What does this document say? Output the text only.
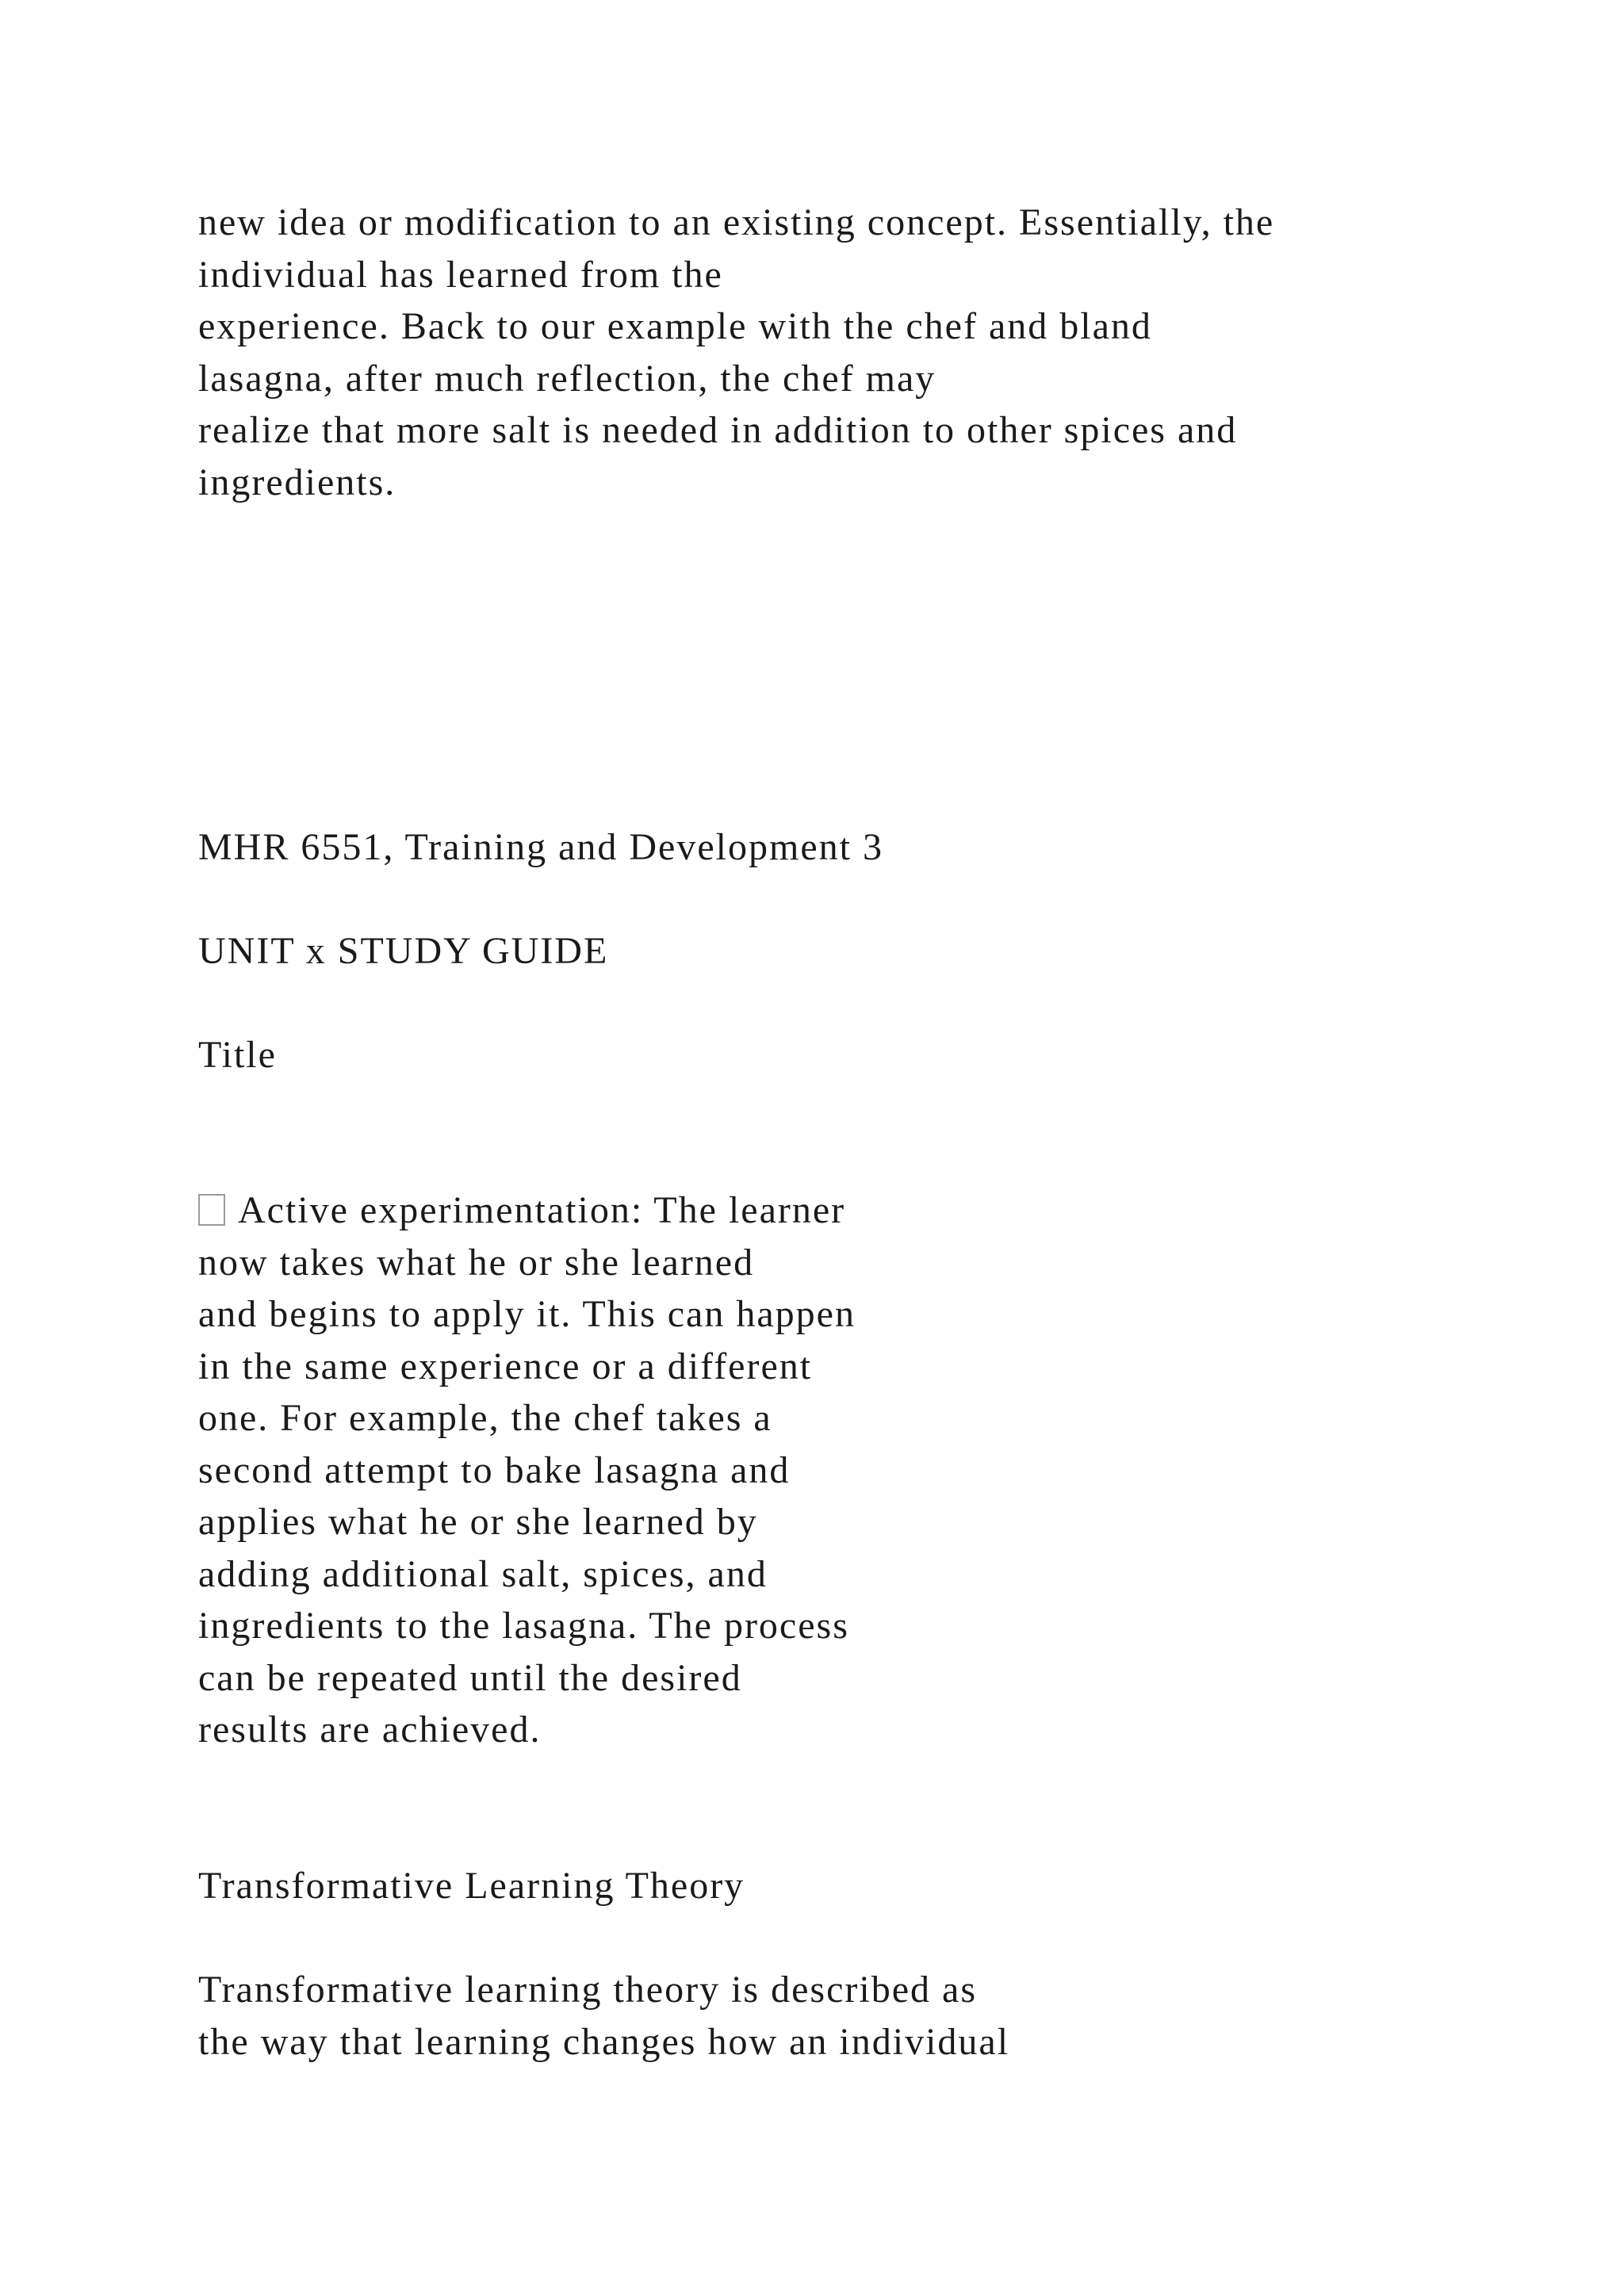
new idea or modification to an existing concept. Essentially, the
individual has learned from the
experience. Back to our example with the chef and bland
lasagna, after much reflection, the chef may
realize that more salt is needed in addition to other spices and
ingredients.
MHR 6551, Training and Development 3
UNIT x STUDY GUIDE
Title
Active experimentation: The learner
now takes what he or she learned
and begins to apply it. This can happen
in the same experience or a different
one. For example, the chef takes a
second attempt to bake lasagna and
applies what he or she learned by
adding additional salt, spices, and
ingredients to the lasagna. The process
can be repeated until the desired
results are achieved.
Transformative Learning Theory
Transformative learning theory is described as
the way that learning changes how an individual
